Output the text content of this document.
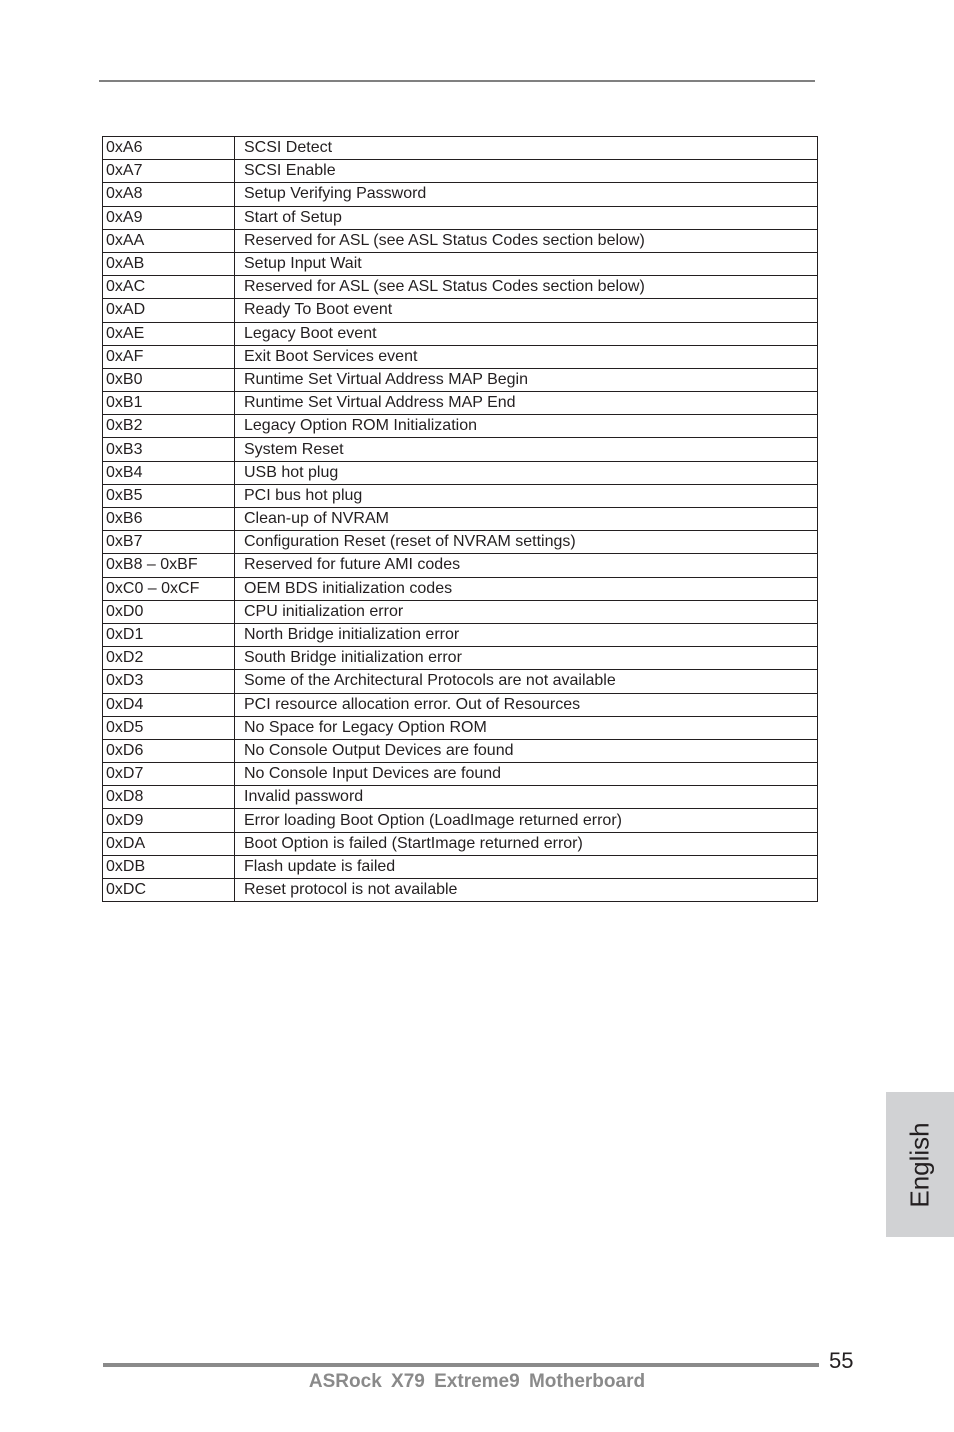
0xA6	SCSI Detect
0xA7	SCSI Enable
0xA8	Setup Verifying Password
0xA9	Start of Setup
0xAA	Reserved for ASL (see ASL Status Codes section below)
0xAB	Setup Input Wait
0xAC	Reserved for ASL (see ASL Status Codes section below)
0xAD	Ready To Boot event
0xAE	Legacy Boot event
0xAF	Exit Boot Services event
0xB0	Runtime Set Virtual Address MAP Begin
0xB1	Runtime Set Virtual Address MAP End
0xB2	Legacy Option ROM Initialization
0xB3	System Reset
0xB4	USB hot plug
0xB5	PCI bus hot plug
0xB6	Clean-up of NVRAM
0xB7	Configuration Reset (reset of NVRAM settings)
0xB8 – 0xBF	Reserved for future AMI codes
0xC0 – 0xCF	OEM BDS initialization codes
0xD0	CPU initialization error
0xD1	North Bridge initialization error
0xD2	South Bridge initialization error
0xD3	Some of the Architectural Protocols are not available
0xD4	PCI resource allocation error. Out of Resources
0xD5	No Space for Legacy Option ROM
0xD6	No Console Output Devices are found
0xD7	No Console Input Devices are found
0xD8	Invalid password
0xD9	Error loading Boot Option (LoadImage returned error)
0xDA	Boot Option is failed (StartImage returned error)
0xDB	Flash update is failed
0xDC	Reset protocol is not available
English
55
ASRock X79 Extreme9 Motherboard
